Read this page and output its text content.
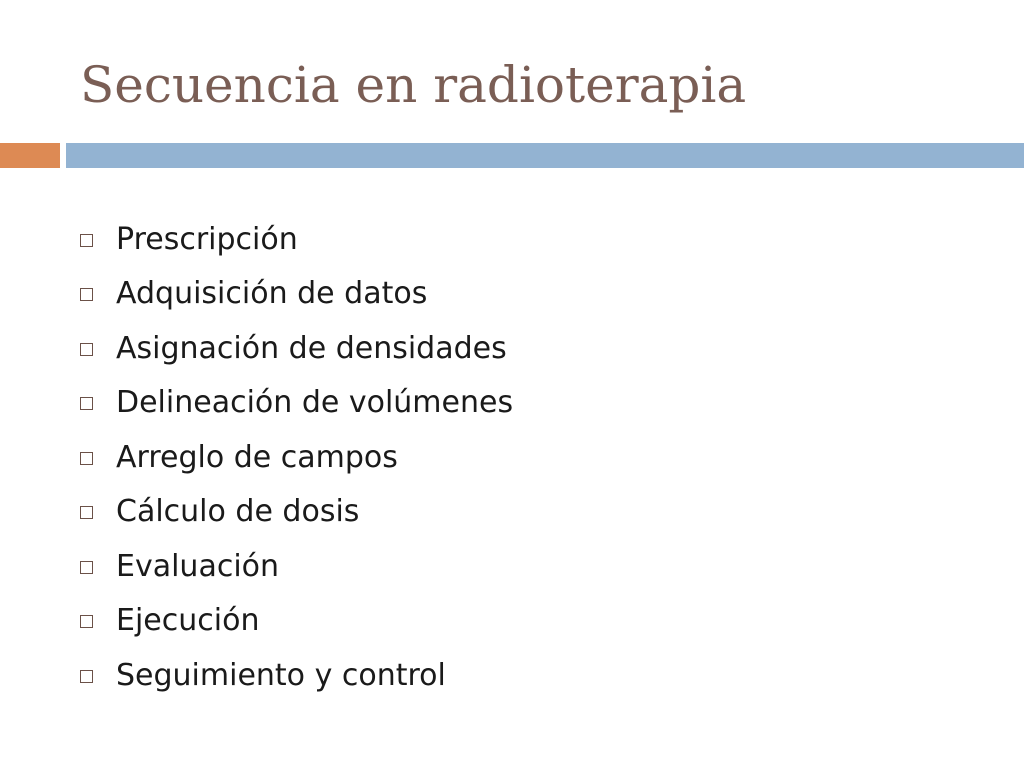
Secuencia en radioterapia
Prescripción
Adquisición de datos
Asignación de densidades
Delineación de volúmenes
Arreglo de campos
Cálculo de dosis
Evaluación
Ejecución
Seguimiento y control
